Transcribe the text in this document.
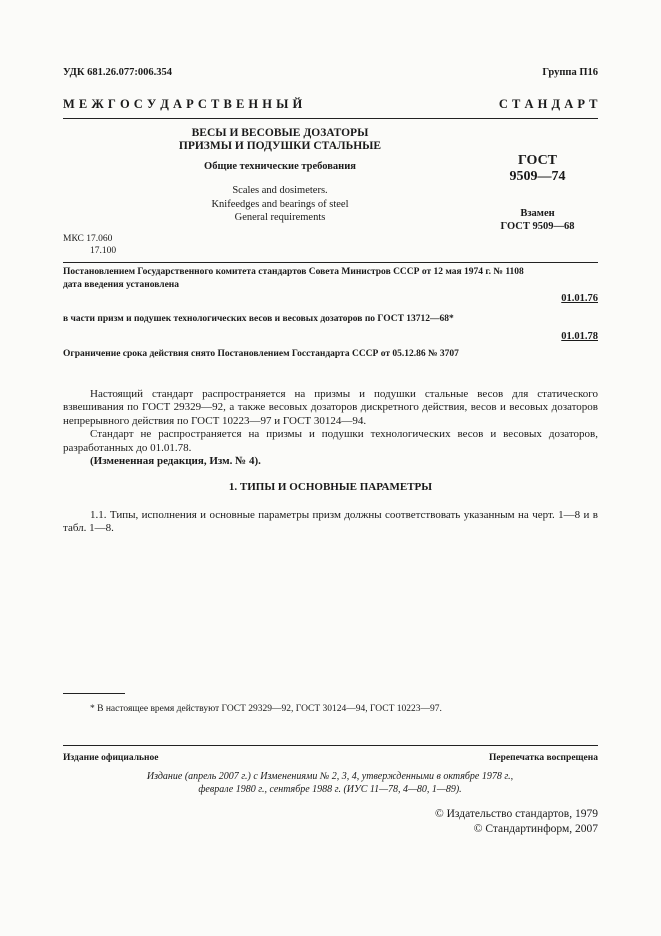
УДК 681.26.077:006.354	Группа П16
М Е Ж Г О С У Д А Р С Т В Е Н Н Ы Й	С Т А Н Д А Р Т
ВЕСЫ И ВЕСОВЫЕ ДОЗАТОРЫ
ПРИЗМЫ И ПОДУШКИ СТАЛЬНЫЕ
Общие технические требования
Scales and dosimeters.
Knifeedges and bearings of steel
General requirements
ГОСТ
9509—74
Взамен
ГОСТ 9509—68
МКС 17.060
17.100
Постановлением Государственного комитета стандартов Совета Министров СССР от 12 мая 1974 г. № 1108
дата введения установлена
01.01.76
в части призм и подушек технологических весов и весовых дозаторов по ГОСТ 13712—68*
01.01.78
Ограничение срока действия снято Постановлением Госстандарта СССР от 05.12.86 № 3707

Настоящий стандарт распространяется на призмы и подушки стальные весов для статического взвешивания по ГОСТ 29329—92, а также весовых дозаторов дискретного действия, весов и весовых дозаторов непрерывного действия по ГОСТ 10223—97 и ГОСТ 30124—94.

Стандарт не распространяется на призмы и подушки технологических весов и весовых дозаторов, разработанных до 01.01.78.

(Измененная редакция, Изм. № 4).

1. ТИПЫ И ОСНОВНЫЕ ПАРАМЕТРЫ

1.1. Типы, исполнения и основные параметры призм должны соответствовать указанным на черт. 1—8 и в табл. 1—8.

* В настоящее время действуют ГОСТ 29329—92, ГОСТ 30124—94, ГОСТ 10223—97.
Издание официальное	Перепечатка воспрещена
Издание (апрель 2007 г.) с Изменениями № 2, 3, 4, утвержденными в октябре 1978 г.,
феврале 1980 г., сентябре 1988 г. (ИУС 11—78, 4—80, 1—89).
© Издательство стандартов, 1979
© Стандартинформ, 2007
